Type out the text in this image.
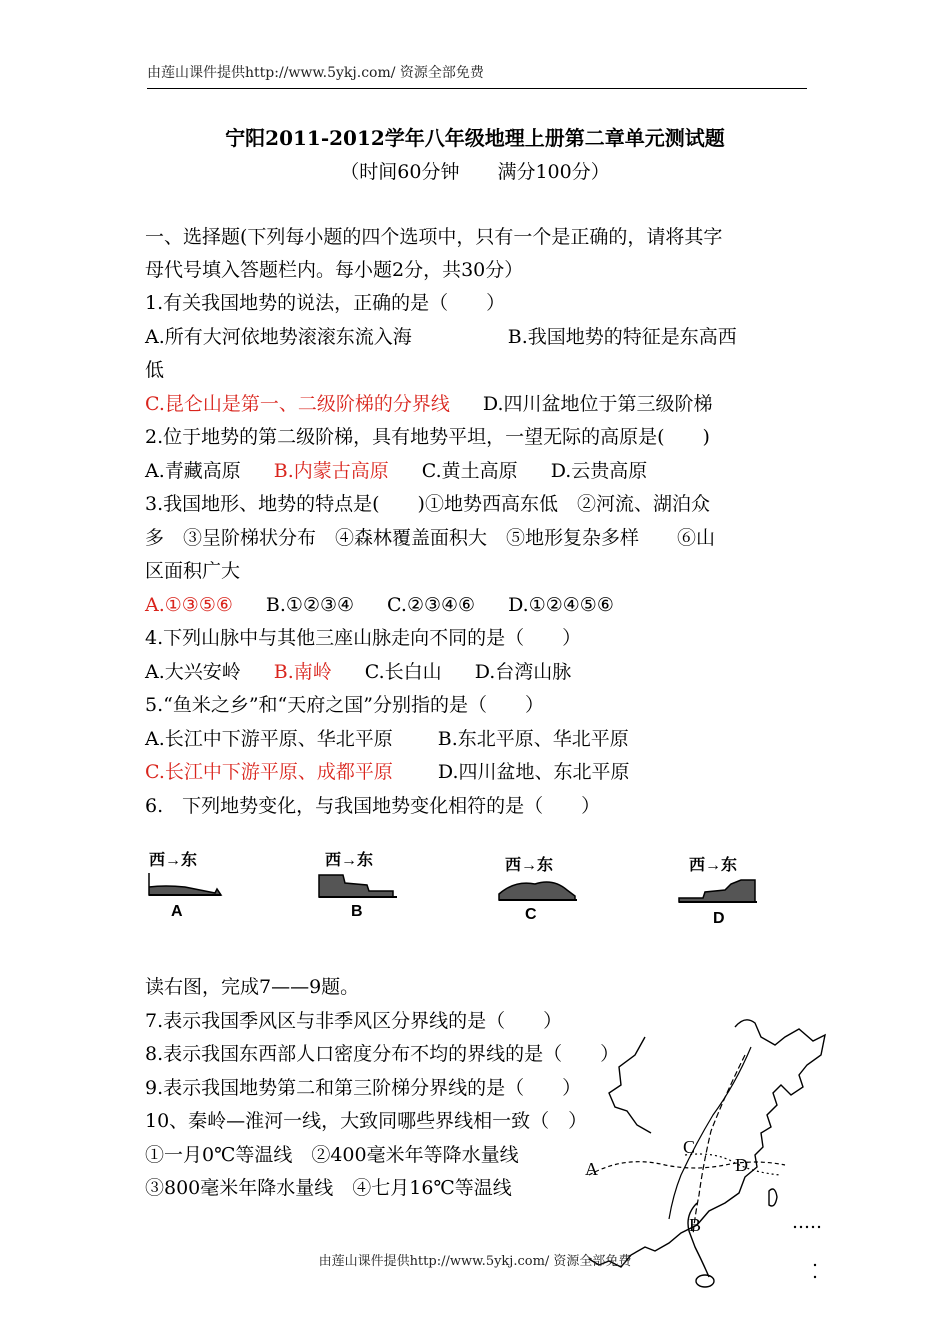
由莲山课件提供http://www.5ykj.com/ 资源全部免费
宁阳2011-2012学年八年级地理上册第二章单元测试题
（时间60分钟　　满分100分）
一、选择题(下列每小题的四个选项中，只有一个是正确的，请将其字
母代号填入答题栏内。每小题2分，共30分）
1.有关我国地势的说法，正确的是（　　）
A.所有大河依地势滚滚东流入海	B.我国地势的特征是东高西
低
C.昆仑山是第一、二级阶梯的分界线 D.四川盆地位于第三级阶梯
2.位于地势的第二级阶梯，具有地势平坦，一望无际的高原是(　　)
A.青藏高原 B.内蒙古高原 C.黄土高原 D.云贵高原
3.我国地形、地势的特点是(　　)①地势西高东低　②河流、湖泊众
多　③呈阶梯状分布　④森林覆盖面积大　⑤地形复杂多样　　⑥山
区面积广大
A.①③⑤⑥ B.①②③④ C.②③④⑥ D.①②④⑤⑥
4.下列山脉中与其他三座山脉走向不同的是（　　）
A.大兴安岭 B.南岭 C.长白山 D.台湾山脉
5.“鱼米之乡”和“天府之国”分别指的是（　　）
A.长江中下游平原、华北平原 B.东北平原、华北平原
C.长江中下游平原、成都平原 D.四川盆地、东北平原
6.　下列地势变化，与我国地势变化相符的是（　　）
西→东
A
西→东
B
西→东
C
西→东
D
读右图，完成7——9题。
A
B
C
D
7.表示我国季风区与非季风区分界线的是（　　）
8.表示我国东西部人口密度分布不均的界线的是（　　）
9.表示我国地势第二和第三阶梯分界线的是（　　）
10、秦岭—淮河一线，大致同哪些界线相一致（　）
①一月0℃等温线　②400毫米年等降水量线
③800毫米年降水量线　④七月16℃等温线
由莲山课件提供http://www.5ykj.com/ 资源全部免费
